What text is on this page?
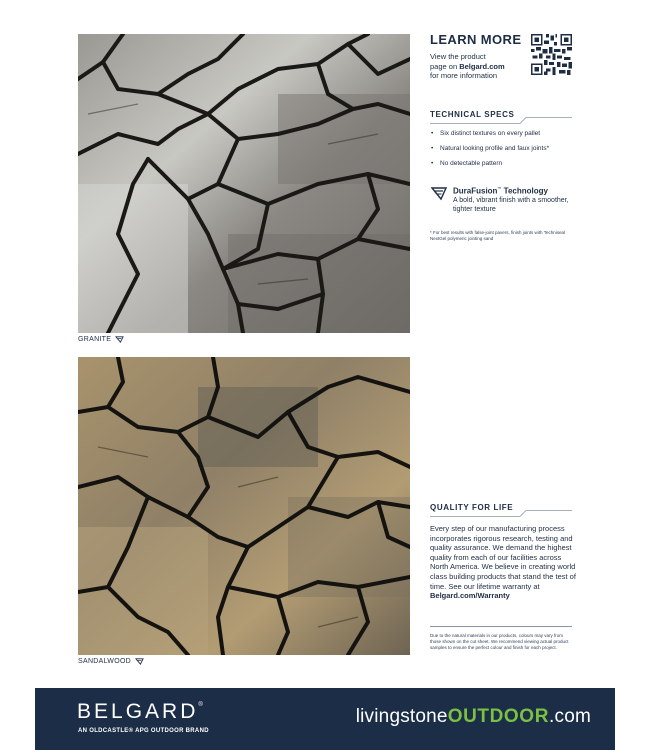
GRANITE
SANDALWOOD
LEARN MORE
View the product
page on Belgard.com
for more information
TECHNICAL SPECS
• Six distinct textures on every pallet
• Natural looking profile and faux joints*
• No detectable pattern
DuraFusion™ Technology
A bold, vibrant finish with a smoother, tighter texture
* For best results with false-joint pavers, finish joints with Techniseal NextGel polymeric jointing sand
QUALITY FOR LIFE
Every step of our manufacturing process incorporates rigorous research, testing and quality assurance. We demand the highest quality from each of our facilities across North America. We believe in creating world class building products that stand the test of time. See our lifetime warranty at Belgard.com/Warranty
Due to the natural materials in our products, colours may vary from those shown on the cut sheet. We recommend viewing actual product samples to ensure the perfect colour and finish for each project.
BELGARD®
AN OLDCASTLE® APG OUTDOOR BRAND
livingstoneOUTDOOR.com
